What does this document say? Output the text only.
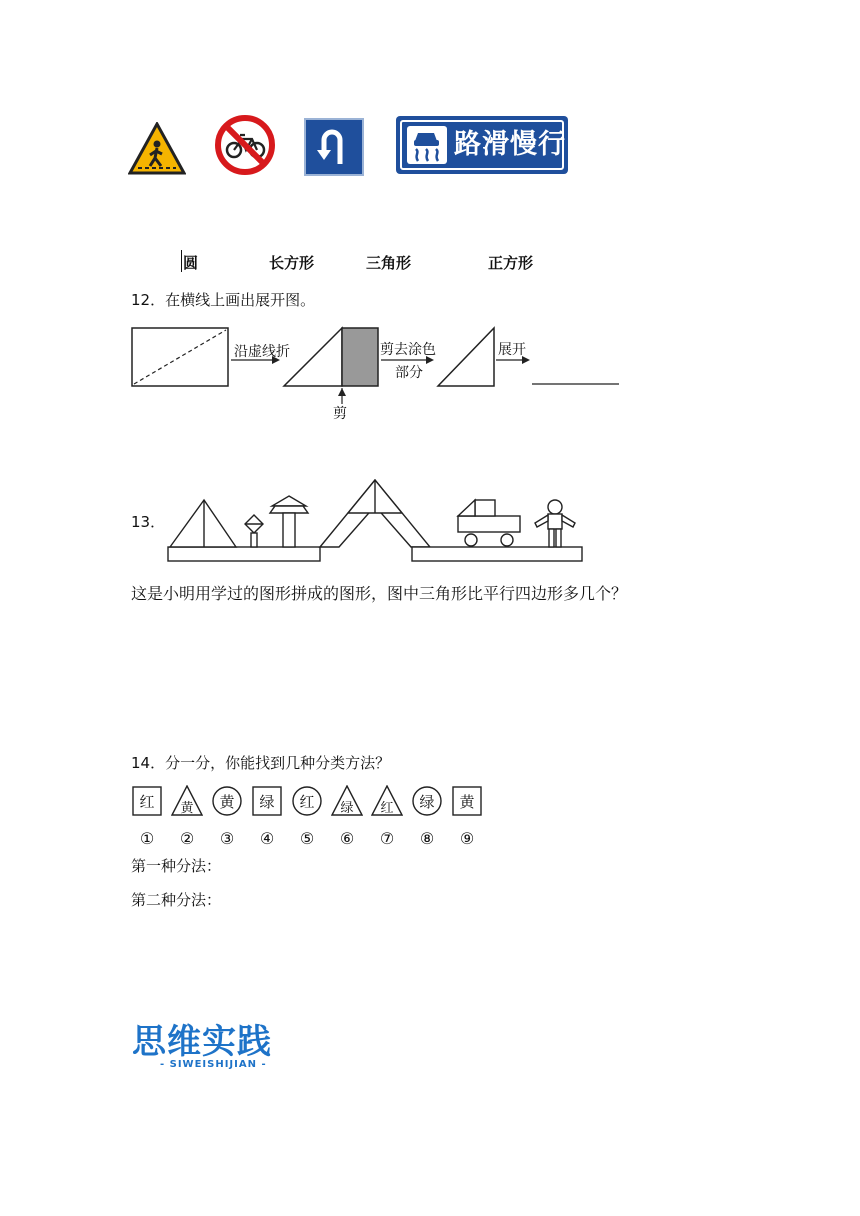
路滑慢行
圆	长方形	三角形	正方形
12．在横线上画出展开图。
沿虚线折
剪
剪去涂色
部分
展开
13．
这是小明用学过的图形拼成的图形，图中三角形比平行四边形多几个？
14．分一分，你能找到几种分类方法？
红
①
黄
②
黄
③
绿
④
红
⑤
绿
⑥
红
⑦
绿
⑧
黄
⑨
第一种分法：
第二种分法：
思维实践
- SIWEISHIJIAN -
